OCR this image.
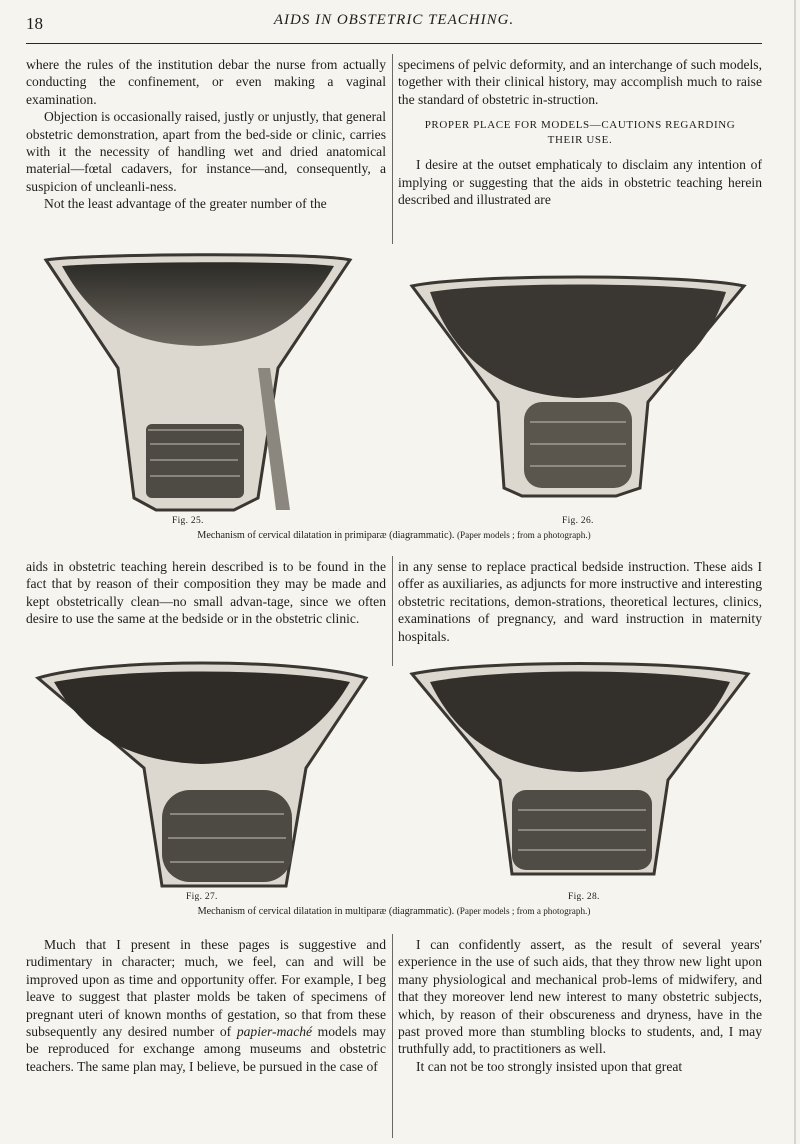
18	AIDS IN OBSTETRIC TEACHING.

where the rules of the institution debar the nurse from actually conducting the confinement, or even making a vaginal examination.

Objection is occasionally raised, justly or unjustly, that general obstetric demonstration, apart from the bed-side or clinic, carries with it the necessity of handling wet and dried anatomical material—fœtal cadavers, for instance—and, consequently, a suspicion of uncleanli-ness.

Not the least advantage of the greater number of the

specimens of pelvic deformity, and an interchange of such models, together with their clinical history, may accomplish much to raise the standard of obstetric in-struction.

PROPER PLACE FOR MODELS—CAUTIONS REGARDING
THEIR USE.

I desire at the outset emphaticaly to disclaim any intention of implying or suggesting that the aids in obstetric teaching herein described and illustrated are

Fig. 25.	Fig. 26.
Mechanism of cervical dilatation in primiparæ (diagrammatic). (Paper models ; from a photograph.)

aids in obstetric teaching herein described is to be found in the fact that by reason of their composition they may be made and kept obstetrically clean—no small advan-tage, since we often desire to use the same at the bedside or in the obstetric clinic.

in any sense to replace practical bedside instruction. These aids I offer as auxiliaries, as adjuncts for more instructive and interesting obstetric recitations, demon-strations, theoretical lectures, clinics, examinations of pregnancy, and ward instruction in maternity hospitals.

Fig. 27.	Fig. 28.
Mechanism of cervical dilatation in multiparæ (diagrammatic). (Paper models ; from a photograph.)

Much that I present in these pages is suggestive and rudimentary in character; much, we feel, can and will be improved upon as time and opportunity offer. For example, I beg leave to suggest that plaster molds be taken of specimens of pregnant uteri of known months of gestation, so that from these subsequently any desired number of papier-maché models may be reproduced for exchange among museums and obstetric teachers. The same plan may, I believe, be pursued in the case of

I can confidently assert, as the result of several years' experience in the use of such aids, that they throw new light upon many physiological and mechanical prob-lems of midwifery, and that they moreover lend new interest to many obstetric subjects, which, by reason of their obscureness and dryness, have in the past proved more than stumbling blocks to students, and, I may truthfully add, to practitioners as well.

It can not be too strongly insisted upon that great
